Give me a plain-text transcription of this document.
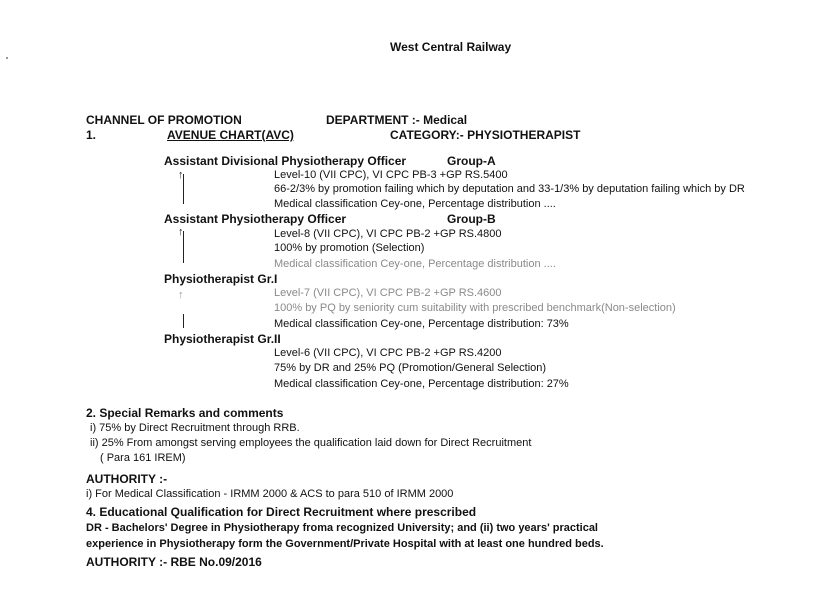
West Central Railway
CHANNEL OF PROMOTION	DEPARTMENT :- Medical
1.	AVENUE CHART(AVC)	CATEGORY:- PHYSIOTHERAPIST
Assistant Divisional Physiotherapy Officer	Group-A
↑	Level-10 (VII CPC), VI CPC PB-3 +GP RS.5400
66-2/3% by promotion failing which by deputation and 33-1/3% by deputation failing which by DR
Medical classification Cey-one, Percentage distribution ....
Assistant Physiotherapy Officer	Group-B
↑	Level-8 (VII CPC), VI CPC PB-2 +GP RS.4800
100% by promotion (Selection)
Medical classification Cey-one, Percentage distribution ....
Physiotherapist Gr.I
↑	Level-7 (VII CPC), VI CPC PB-2 +GP RS.4600
100% by PQ by seniority cum suitability with prescribed benchmark(Non-selection)
Medical classification Cey-one, Percentage distribution: 73%
Physiotherapist Gr.II
Level-6 (VII CPC), VI CPC PB-2 +GP RS.4200
75% by DR and 25% PQ (Promotion/General Selection)
Medical classification Cey-one, Percentage distribution: 27%
2. Special Remarks and comments
i) 75% by Direct Recruitment through RRB.
ii) 25% From amongst serving employees the qualification laid down for Direct Recruitment
( Para 161 IREM)
AUTHORITY :-
i) For Medical Classification - IRMM 2000 & ACS to para 510 of IRMM 2000
4. Educational Qualification for Direct Recruitment where prescribed
DR - Bachelors' Degree in Physiotherapy froma recognized University; and (ii) two years' practical
experience in Physiotherapy form the Government/Private Hospital with at least one hundred beds.
AUTHORITY :- RBE No.09/2016
